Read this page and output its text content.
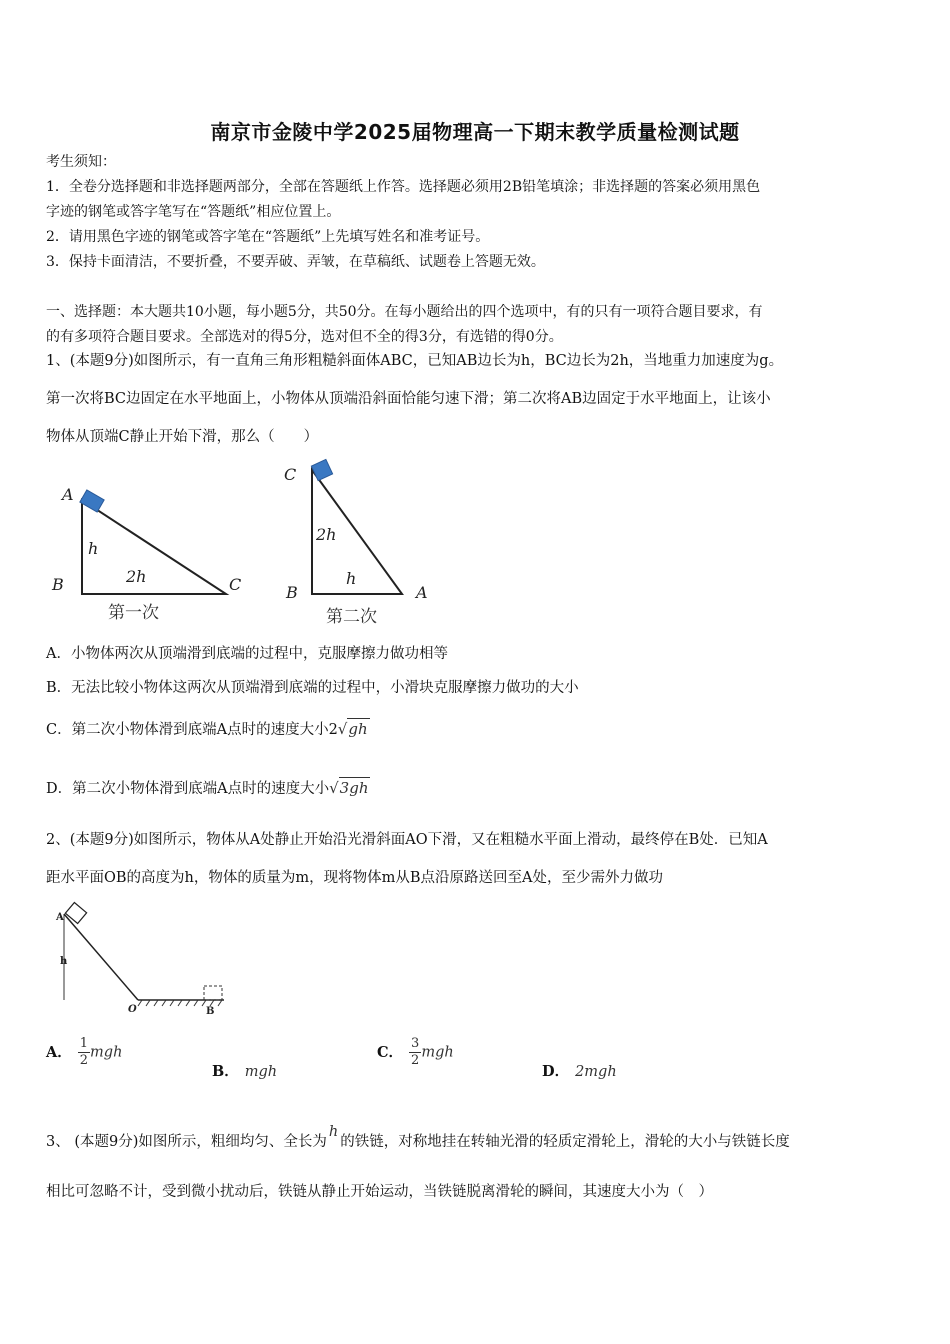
南京市金陵中学2025届物理高一下期末教学质量检测试题
考生须知：
1．全卷分选择题和非选择题两部分，全部在答题纸上作答。选择题必须用2B铅笔填涂；非选择题的答案必须用黑色
字迹的钢笔或答字笔写在“答题纸”相应位置上。
2．请用黑色字迹的钢笔或答字笔在“答题纸”上先填写姓名和准考证号。
3．保持卡面清洁，不要折叠，不要弄破、弄皱，在草稿纸、试题卷上答题无效。
一、选择题：本大题共10小题，每小题5分，共50分。在每小题给出的四个选项中，有的只有一项符合题目要求，有
的有多项符合题目要求。全部选对的得5分，选对但不全的得3分，有选错的得0分。
1、(本题9分)如图所示，有一直角三角形粗糙斜面体ABC，已知AB边长为h，BC边长为2h，当地重力加速度为g。
第一次将BC边固定在水平地面上，小物体从顶端沿斜面恰能匀速下滑；第二次将AB边固定于水平地面上，让该小
物体从顶端C静止开始下滑，那么（　　）
A
h
B	2h	C
第一次
C
2h
B
h
A
第二次
A．小物体两次从顶端滑到底端的过程中，克服摩擦力做功相等
B．无法比较小物体这两次从顶端滑到底端的过程中，小滑块克服摩擦力做功的大小
C．第二次小物体滑到底端A点时的速度大小2√gh
D．第二次小物体滑到底端A点时的速度大小√3gh
2、(本题9分)如图所示，物体从A处静止开始沿光滑斜面AO下滑，又在粗糙水平面上滑动，最终停在B处．已知A
距水平面OB的高度为h，物体的质量为m，现将物体m从B点沿原路送回至A处，至少需外力做功
A
h
O	B
A． $\frac{1}{2}$ mgh
B． mgh
C． $\frac{3}{2}$ mgh
D． 2mgh
3、 (本题9分)如图所示，粗细均匀、全长为h的铁链，对称地挂在转轴光滑的轻质定滑轮上，滑轮的大小与铁链长度
相比可忽略不计，受到微小扰动后，铁链从静止开始运动，当铁链脱离滑轮的瞬间，其速度大小为（　）
